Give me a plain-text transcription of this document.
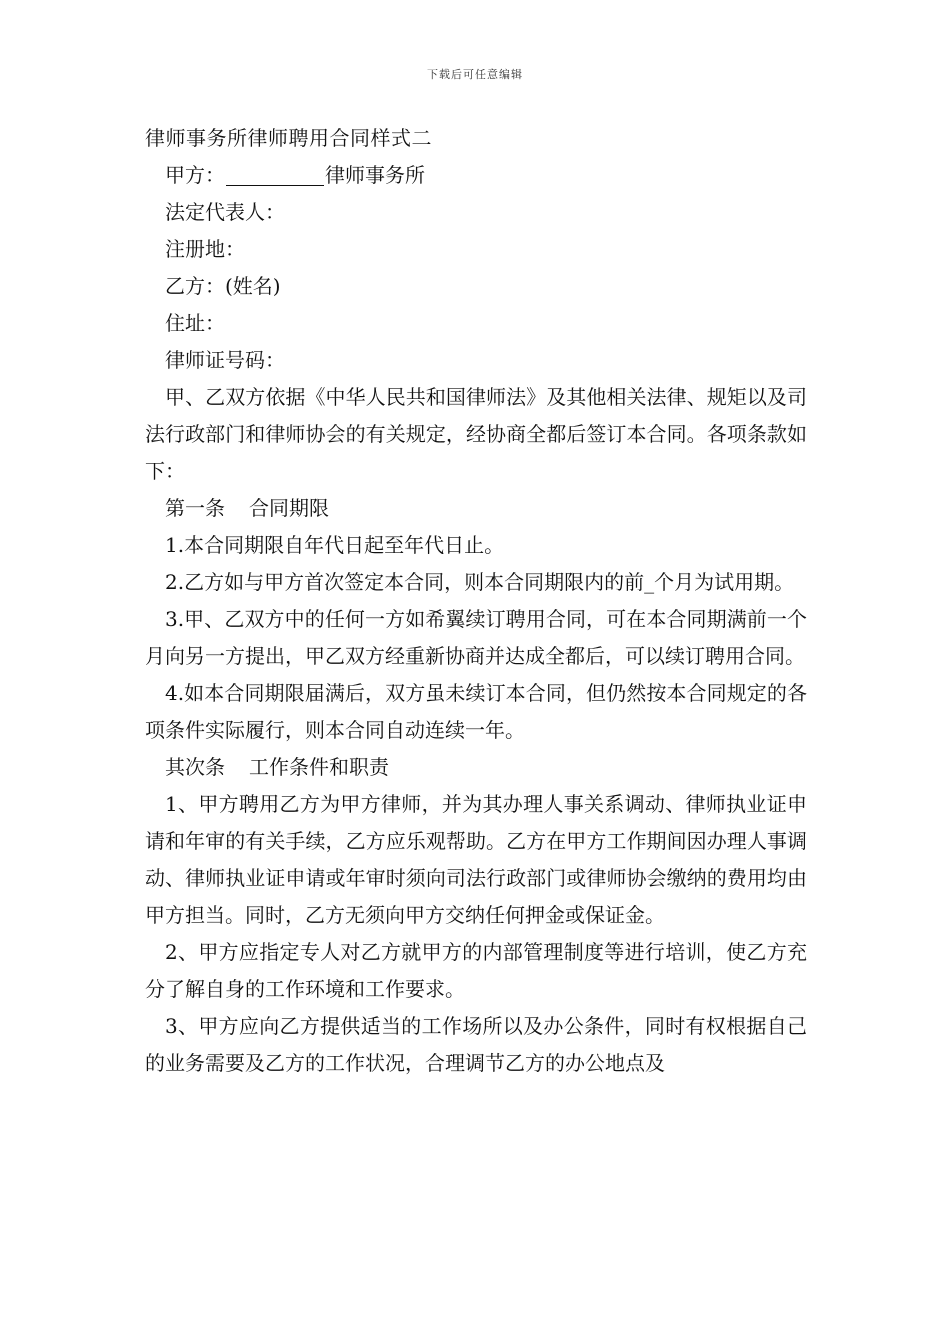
下载后可任意编辑

律师事务所律师聘用合同样式二

甲方：	律师事务所

法定代表人：

注册地：

乙方：(姓名)

住址：

律师证号码：

甲、乙双方依据《中华人民共和国律师法》及其他相关法律、规矩以及司法行政部门和律师协会的有关规定，经协商全都后签订本合同。各项条款如下：

第一条 合同期限

1.本合同期限自年代日起至年代日止。

2.乙方如与甲方首次签定本合同，则本合同期限内的前_个月为试用期。

3.甲、乙双方中的任何一方如希翼续订聘用合同，可在本合同期满前一个月向另一方提出，甲乙双方经重新协商并达成全都后，可以续订聘用合同。

4.如本合同期限届满后，双方虽未续订本合同，但仍然按本合同规定的各项条件实际履行，则本合同自动连续一年。

其次条 工作条件和职责

1、甲方聘用乙方为甲方律师，并为其办理人事关系调动、律师执业证申请和年审的有关手续，乙方应乐观帮助。乙方在甲方工作期间因办理人事调动、律师执业证申请或年审时须向司法行政部门或律师协会缴纳的费用均由甲方担当。同时，乙方无须向甲方交纳任何押金或保证金。

2、甲方应指定专人对乙方就甲方的内部管理制度等进行培训，使乙方充分了解自身的工作环境和工作要求。

3、甲方应向乙方提供适当的工作场所以及办公条件，同时有权根据自己的业务需要及乙方的工作状况，合理调节乙方的办公地点及
